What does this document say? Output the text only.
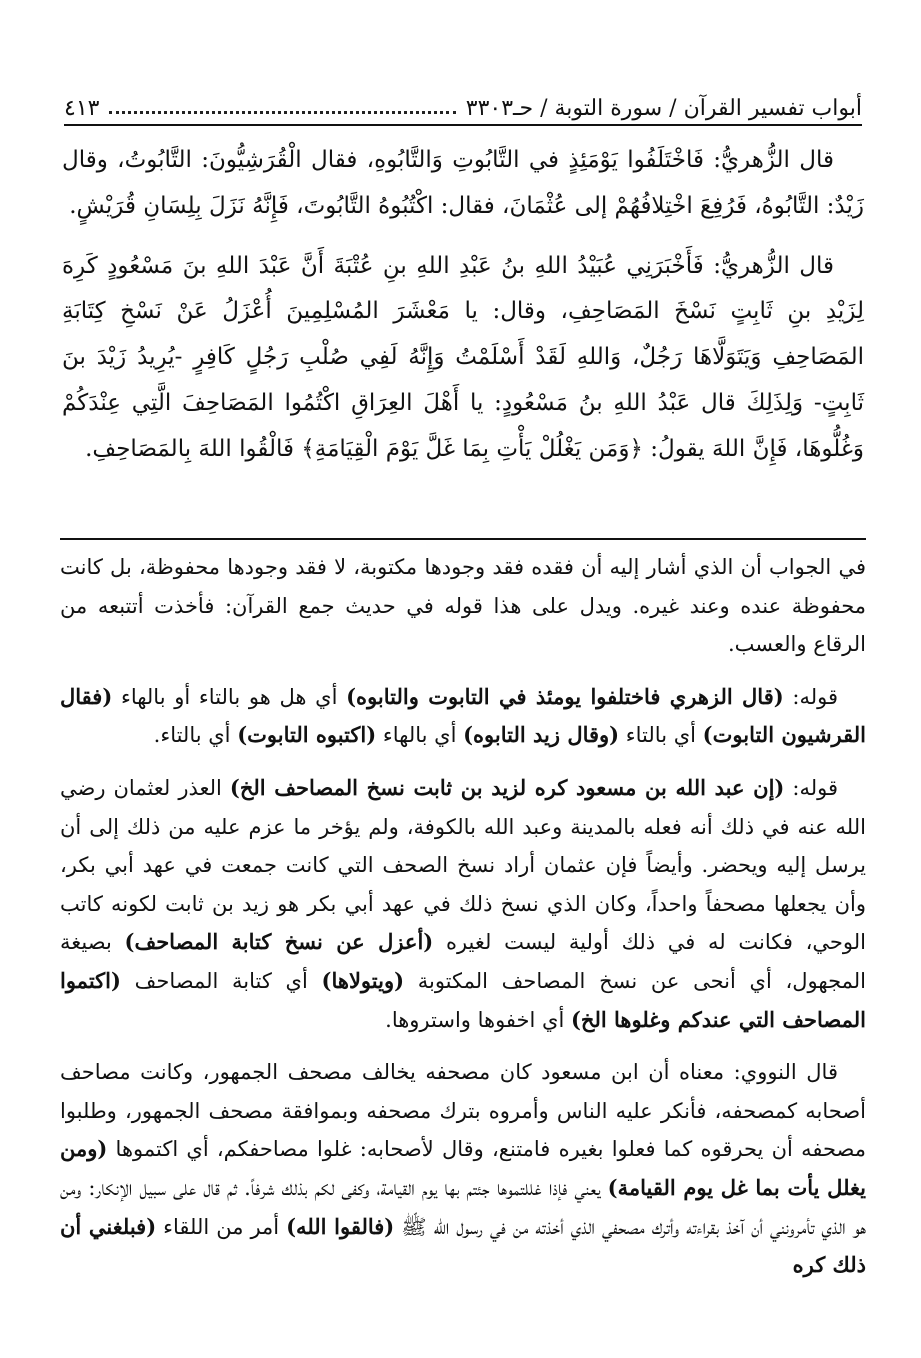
أبواب تفسير القرآن / سورة التوبة / حـ٣٣٠٣
٤١٣

قال الزُّهريُّ: فَاخْتَلَفُوا يَوْمَئِذٍ في التَّابُوتِ وَالتَّابُوهِ، فقال الْقُرَشِيُّونَ: التَّابُوتُ، وقال زَيْدٌ: التَّابُوهُ، فَرُفِعَ اخْتِلافُهُمْ إلى عُثْمَانَ، فقال: اكْتُبُوهُ التَّابُوتَ، فَإِنَّهُ نَزَلَ بِلِسَانِ قُرَيْشٍ.

قال الزُّهريُّ: فَأَخْبَرَنِي عُبَيْدُ اللهِ بنُ عَبْدِ اللهِ بنِ عُتْبَةَ أَنَّ عَبْدَ اللهِ بنَ مَسْعُودٍ كَرِهَ لِزَيْدِ بنِ ثَابِتٍ نَسْخَ المَصَاحِفِ، وقال: يا مَعْشَرَ المُسْلِمِينَ أُعْزَلُ عَنْ نَسْخِ كِتَابَةِ المَصَاحِفِ وَيَتَوَلَّاهَا رَجُلٌ، وَاللهِ لَقَدْ أَسْلَمْتُ وَإِنَّهُ لَفِي صُلْبِ رَجُلٍ كَافِرٍ -يُرِيدُ زَيْدَ بنَ ثَابِتٍ- وَلِذَلِكَ قال عَبْدُ اللهِ بنُ مَسْعُودٍ: يا أَهْلَ العِرَاقِ اكْتُمُوا المَصَاحِفَ الَّتِي عِنْدَكُمْ وَغُلُّوهَا، فَإِنَّ اللهَ يقولُ: ﴿وَمَن يَغْلُلْ يَأْتِ بِمَا غَلَّ يَوْمَ الْقِيَامَةِ﴾ فَالْقُوا اللهَ بِالمَصَاحِفِ.

في الجواب أن الذي أشار إليه أن فقده فقد وجودها مكتوبة، لا فقد وجودها محفوظة، بل كانت محفوظة عنده وعند غيره. ويدل على هذا قوله في حديث جمع القرآن: فأخذت أتتبعه من الرقاع والعسب.

قوله: (قال الزهري فاختلفوا يومئذ في التابوت والتابوه) أي هل هو بالتاء أو بالهاء (فقال القرشيون التابوت) أي بالتاء (وقال زيد التابوه) أي بالهاء (اكتبوه التابوت) أي بالتاء.

قوله: (إن عبد الله بن مسعود كره لزيد بن ثابت نسخ المصاحف الخ) العذر لعثمان رضي الله عنه في ذلك أنه فعله بالمدينة وعبد الله بالكوفة، ولم يؤخر ما عزم عليه من ذلك إلى أن يرسل إليه ويحضر. وأيضاً فإن عثمان أراد نسخ الصحف التي كانت جمعت في عهد أبي بكر، وأن يجعلها مصحفاً واحداً، وكان الذي نسخ ذلك في عهد أبي بكر هو زيد بن ثابت لكونه كاتب الوحي، فكانت له في ذلك أولية ليست لغيره (أعزل عن نسخ كتابة المصاحف) بصيغة المجهول، أي أنحى عن نسخ المصاحف المكتوبة (ويتولاها) أي كتابة المصاحف (اكتموا المصاحف التي عندكم وغلوها الخ) أي اخفوها واستروها.

قال النووي: معناه أن ابن مسعود كان مصحفه يخالف مصحف الجمهور، وكانت مصاحف أصحابه كمصحفه، فأنكر عليه الناس وأمروه بترك مصحفه وبموافقة مصحف الجمهور، وطلبوا مصحفه أن يحرقوه كما فعلوا بغيره فامتنع، وقال لأصحابه: غلوا مصاحفكم، أي اكتموها (ومن يغلل يأت بما غل يوم القيامة) يعني فإذا غللتموها جئتم بها يوم القيامة، وكفى لكم بذلك شرفاً. ثم قال على سبيل الإنكار: ومن هو الذي تأمرونني أن آخذ بقراءته وأترك مصحفي الذي أخذته من في رسول الله ﷺ (فالقوا الله) أمر من اللقاء (فبلغني أن ذلك كره
